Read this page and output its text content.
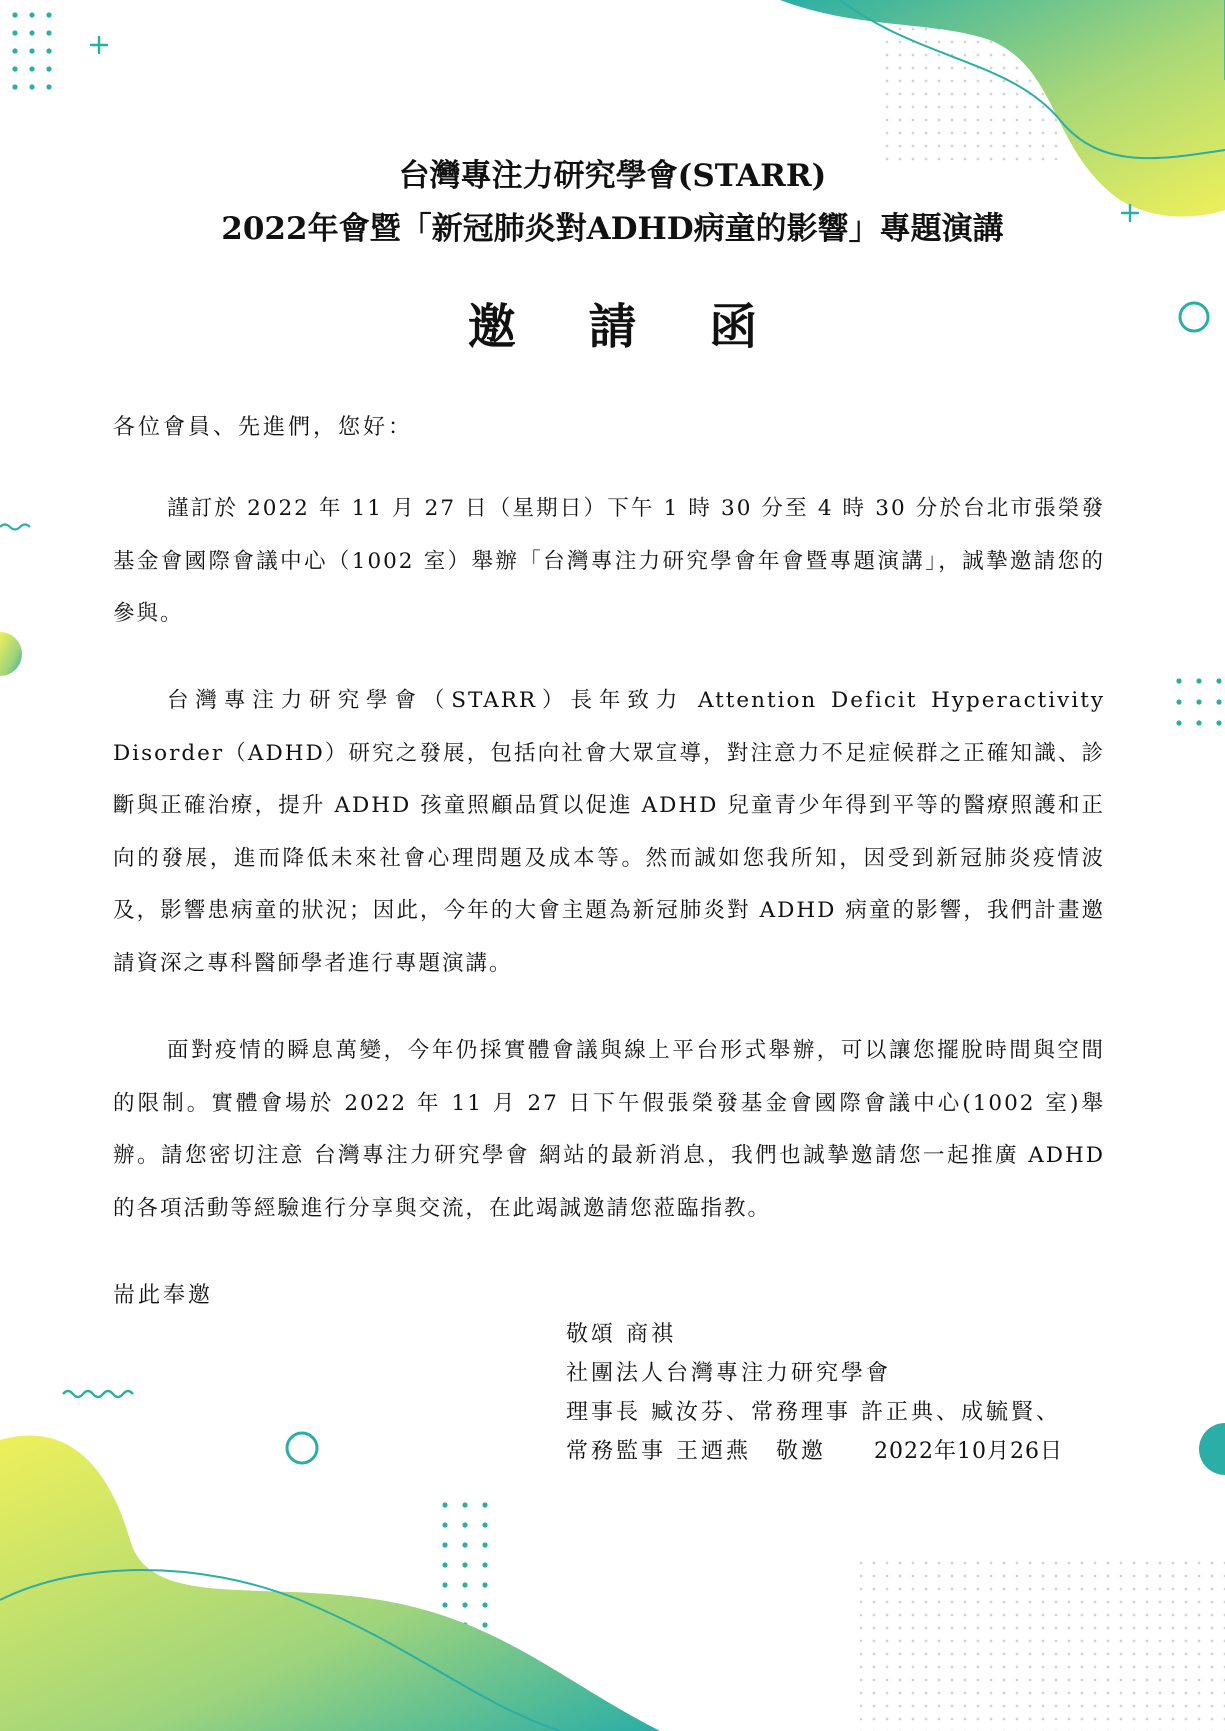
台灣專注力研究學會(STARR)
2022年會暨「新冠肺炎對ADHD病童的影響」專題演講
邀 請 函
各位會員、先進們，您好：
謹訂於 2022 年 11 月 27 日（星期日）下午 1 時 30 分至 4 時 30 分於台北市張榮發基金會國際會議中心（1002 室）舉辦「台灣專注力研究學會年會暨專題演講」，誠摯邀請您的參與。
台灣專注力研究學會（STARR）長年致力 Attention Deficit Hyperactivity Disorder（ADHD）研究之發展，包括向社會大眾宣導，對注意力不足症候群之正確知識、診斷與正確治療，提升 ADHD 孩童照顧品質以促進 ADHD 兒童青少年得到平等的醫療照護和正向的發展，進而降低未來社會心理問題及成本等。然而誠如您我所知，因受到新冠肺炎疫情波及，影響患病童的狀況；因此，今年的大會主題為新冠肺炎對 ADHD 病童的影響，我們計畫邀請資深之專科醫師學者進行專題演講。
面對疫情的瞬息萬變，今年仍採實體會議與線上平台形式舉辦，可以讓您擺脫時間與空間的限制。實體會場於 2022 年 11 月 27 日下午假張榮發基金會國際會議中心(1002 室)舉辦。請您密切注意 台灣專注力研究學會 網站的最新消息，我們也誠摯邀請您一起推廣 ADHD 的各項活動等經驗進行分享與交流，在此竭誠邀請您蒞臨指教。
耑此奉邀
敬頌 商祺
社團法人台灣專注力研究學會
理事長 臧汝芬、常務理事 許正典、成毓賢、
常務監事 王迺燕　敬邀 2022年10月26日
